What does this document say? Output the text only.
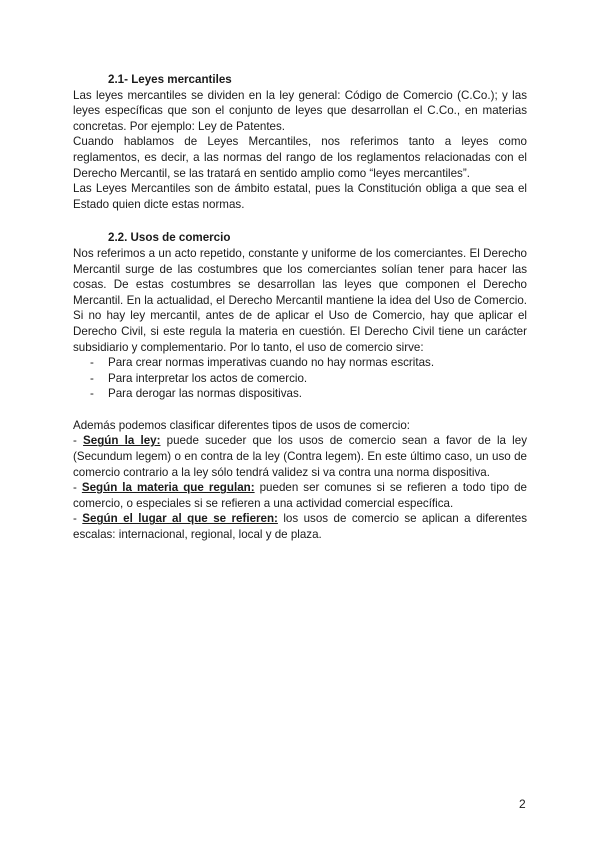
2.1- Leyes mercantiles

Las leyes mercantiles se dividen en la ley general: Código de Comercio (C.Co.); y las leyes específicas que son el conjunto de leyes que desarrollan el C.Co., en materias concretas. Por ejemplo: Ley de Patentes.

Cuando hablamos de Leyes Mercantiles, nos referimos tanto a leyes como reglamentos, es decir, a las normas del rango de los reglamentos relacionadas con el Derecho Mercantil, se las tratará en sentido amplio como “leyes mercantiles”.

Las Leyes Mercantiles son de ámbito estatal, pues la Constitución obliga a que sea el Estado quien dicte estas normas.

2.2. Usos de comercio

Nos referimos a un acto repetido, constante y uniforme de los comerciantes. El Derecho Mercantil surge de las costumbres que los comerciantes solían tener para hacer las cosas. De estas costumbres se desarrollan las leyes que componen el Derecho Mercantil. En la actualidad, el Derecho Mercantil mantiene la idea del Uso de Comercio. Si no hay ley mercantil, antes de de aplicar el Uso de Comercio, hay que aplicar el Derecho Civil, si este regula la materia en cuestión. El Derecho Civil tiene un carácter subsidiario y complementario. Por lo tanto, el uso de comercio sirve:

- Para crear normas imperativas cuando no hay normas escritas.
- Para interpretar los actos de comercio.
- Para derogar las normas dispositivas.

Además podemos clasificar diferentes tipos de usos de comercio:

- Según la ley: puede suceder que los usos de comercio sean a favor de la ley (Secundum legem) o en contra de la ley (Contra legem). En este último caso, un uso de comercio contrario a la ley sólo tendrá validez si va contra una norma dispositiva.

- Según la materia que regulan: pueden ser comunes si se refieren a todo tipo de comercio, o especiales si se refieren a una actividad comercial específica.

- Según el lugar al que se refieren: los usos de comercio se aplican a diferentes escalas: internacional, regional, local y de plaza.

2
